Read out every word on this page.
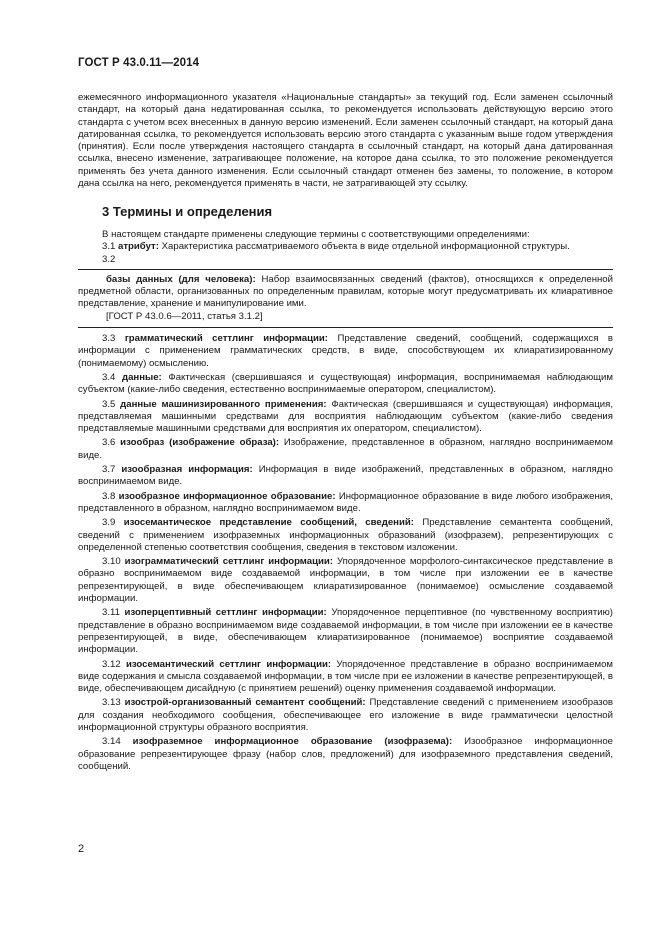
ГОСТ Р 43.0.11—2014

ежемесячного информационного указателя «Национальные стандарты» за текущий год. Если заменен ссылочный стандарт, на который дана недатированная ссылка, то рекомендуется использовать действующую версию этого стандарта с учетом всех внесенных в данную версию изменений. Если заменен ссылочный стандарт, на который дана датированная ссылка, то рекомендуется использовать версию этого стандарта с указанным выше годом утверждения (принятия). Если после утверждения настоящего стандарта в ссылочный стандарт, на который дана датированная ссылка, внесено изменение, затрагивающее положение, на которое дана ссылка, то это положение рекомендуется применять без учета данного изменения. Если ссылочный стандарт отменен без замены, то положение, в котором дана ссылка на него, рекомендуется применять в части, не затрагивающей эту ссылку.

3 Термины и определения

В настоящем стандарте применены следующие термины с соответствующими определениями:

3.1 атрибут: Характеристика рассматриваемого объекта в виде отдельной информационной структуры.

3.2

базы данных (для человека): Набор взаимосвязанных сведений (фактов), относящихся к определенной предметной области, организованных по определенным правилам, которые могут предусматривать их клиаративное представление, хранение и манипулирование ими.

[ГОСТ Р 43.0.6—2011, статья 3.1.2]

3.3 грамматический сеттлинг информации: Представление сведений, сообщений, содержащихся в информации с применением грамматических средств, в виде, способствующем их клиаратизированному (понимаемому) осмыслению.

3.4 данные: Фактическая (свершившаяся и существующая) информация, воспринимаемая наблюдающим субъектом (какие-либо сведения, естественно воспринимаемые оператором, специалистом).

3.5 данные машинизированного применения: Фактическая (свершившаяся и существующая) информация, представляемая машинными средствами для восприятия наблюдающим субъектом (какие-либо сведения представляемые машинными средствами для восприятия их оператором, специалистом).

3.6 изообраз (изображение образа): Изображение, представленное в образном, наглядно воспринимаемом виде.

3.7 изообразная информация: Информация в виде изображений, представленных в образном, наглядно воспринимаемом виде.

3.8 изообразное информационное образование: Информационное образование в виде любого изображения, представленного в образном, наглядно воспринимаемом виде.

3.9 изосемантическое представление сообщений, сведений: Представление семантента сообщений, сведений с применением изофраземных информационных образований (изофразем), репрезентирующих с определенной степенью соответствия сообщения, сведения в текстовом изложении.

3.10 изограмматический сеттлинг информации: Упорядоченное морфолого-синтаксическое представление в образно воспринимаемом виде создаваемой информации, в том числе при изложении ее в качестве репрезентирующей, в виде обеспечивающем клиаратизированное (понимаемое) осмысление создаваемой информации.

3.11 изоперцептивный сеттлинг информации: Упорядоченное перцептивное (по чувственному восприятию) представление в образно воспринимаемом виде создаваемой информации, в том числе при изложении ее в качестве репрезентирующей, в виде, обеспечивающем клиаратизированное (понимаемое) восприятие создаваемой информации.

3.12 изосемантический сеттлинг информации: Упорядоченное представление в образно воспринимаемом виде содержания и смысла создаваемой информации, в том числе при ее изложении в качестве репрезентирующей, в виде, обеспечивающем дисайдную (с принятием решений) оценку применения создаваемой информации.

3.13 изострой-организованный семантент сообщений: Представление сведений с применением изообразов для создания необходимого сообщения, обеспечивающее его изложение в виде грамматически целостной информационной структуры образного восприятия.

3.14 изофраземное информационное образование (изофразема): Изообразное информационное образование репрезентирующее фразу (набор слов, предложений) для изофраземного представления сведений, сообщений.

2
